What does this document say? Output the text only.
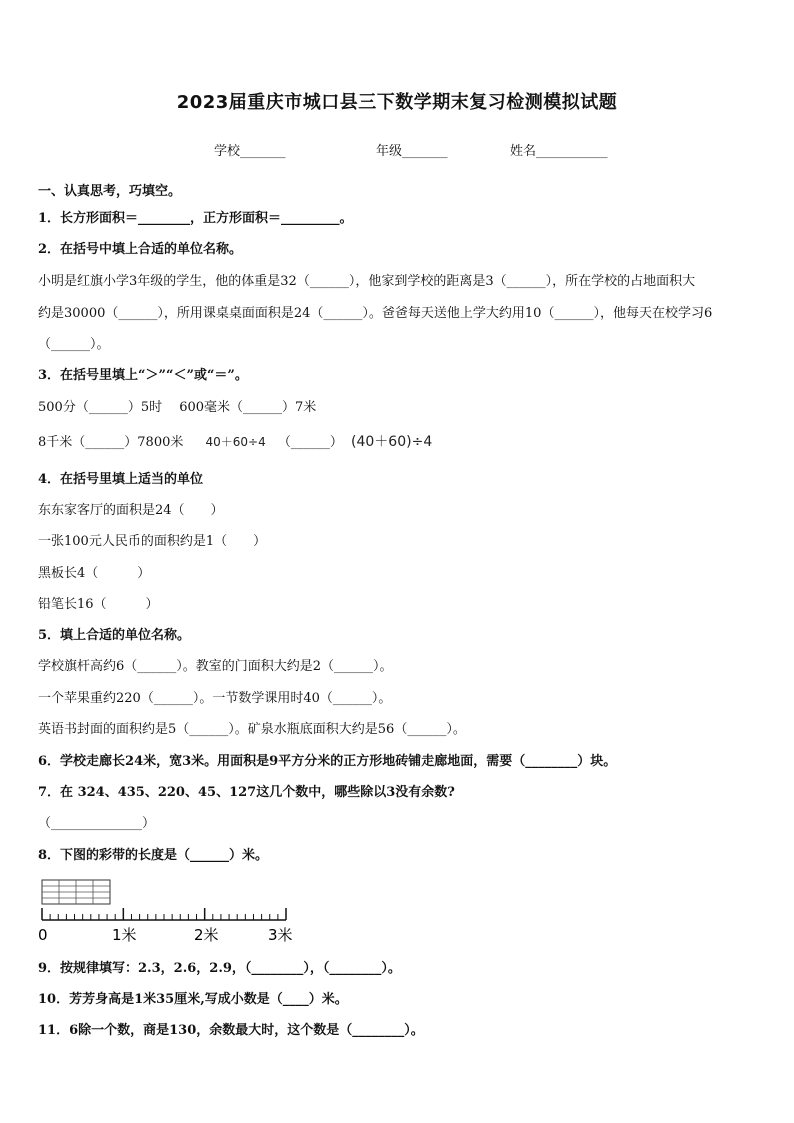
2023届重庆市城口县三下数学期末复习检测模拟试题
学校_______	年级_______	姓名___________
一、认真思考，巧填空。
1．长方形面积＝________，正方形面积＝_________。
2．在括号中填上合适的单位名称。
小明是红旗小学3年级的学生，他的体重是32（______），他家到学校的距离是3（______），所在学校的占地面积大
约是30000（______），所用课桌桌面面积是24（______）。爸爸每天送他上学大约用10（______），他每天在校学习6
（______）。
3．在括号里填上“＞”“＜”或“＝”。
500分（______）5时　 600毫米（______）7米
8千米（______）7800米 40＋60÷4 （______） (40＋60)÷4
4．在括号里填上适当的单位
东东家客厅的面积是24（　　）
一张100元人民币的面积约是1（　　）
黑板长4（　　　）
铅笔长16（　　　）
5．填上合适的单位名称。
学校旗杆高约6（______）。教室的门面积大约是2（______）。
一个苹果重约220（______）。一节数学课用时40（______）。
英语书封面的面积约是5（______）。矿泉水瓶底面积大约是56（______）。
6．学校走廊长24米，宽3米。用面积是9平方分米的正方形地砖铺走廊地面，需要（________）块。
7．在 324、435、220、45、127这几个数中，哪些除以3没有余数?
（______________）
8．下图的彩带的长度是（______）米。
0	1米	2米	3米
9．按规律填写：2.3，2.6，2.9，（________），（________）。
10．芳芳身高是1米35厘米,写成小数是（____）米。
11．6除一个数，商是130，余数最大时，这个数是（________）。
